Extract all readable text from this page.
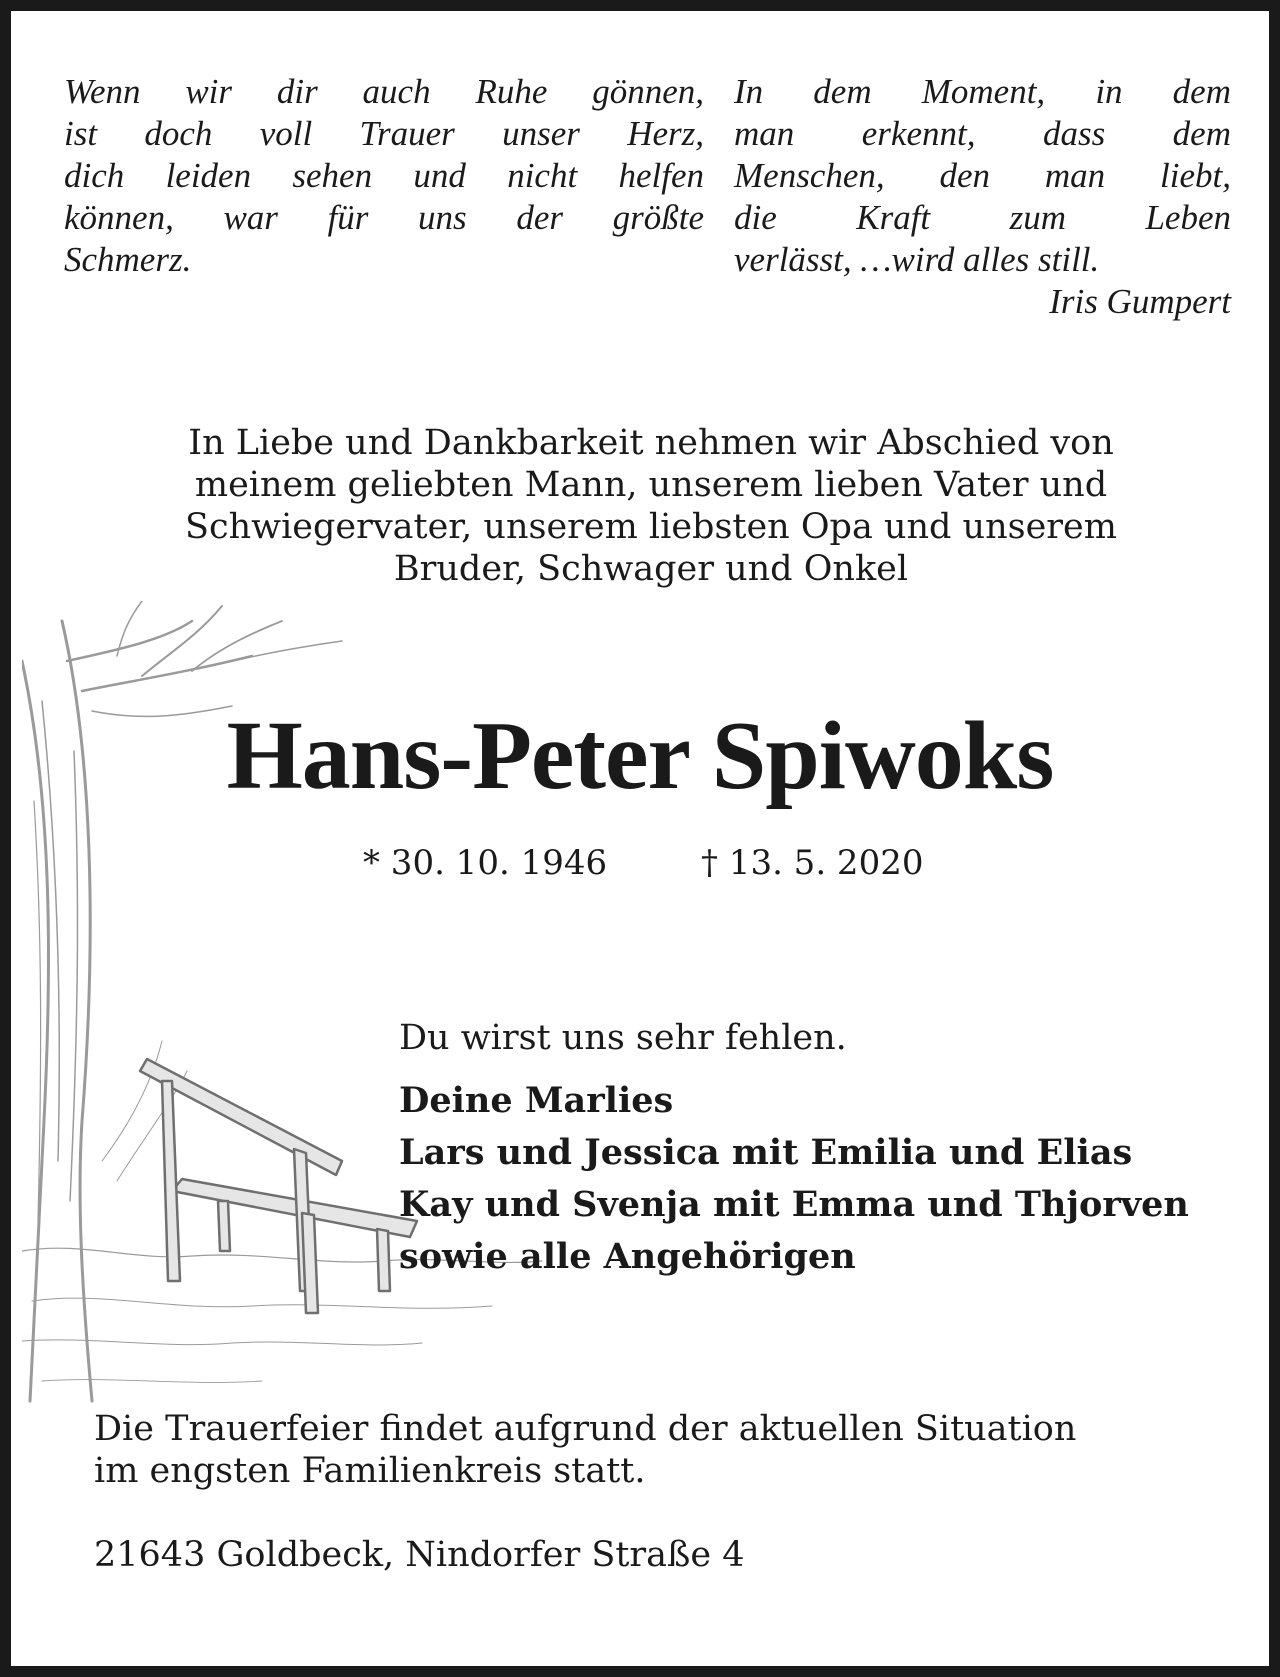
Wenn wir dir auch Ruhe gönnen,
ist doch voll Trauer unser Herz,
dich leiden sehen und nicht helfen
können, war für uns der größte
Schmerz.
In dem Moment, in dem
man erkennt, dass dem
Menschen, den man liebt,
die Kraft zum Leben
verlässt, …wird alles still.
Iris Gumpert
In Liebe und Dankbarkeit nehmen wir Abschied von
meinem geliebten Mann, unserem lieben Vater und
Schwiegervater, unserem liebsten Opa und unserem
Bruder, Schwager und Onkel
Hans-Peter Spiwoks
* 30. 10. 1946	† 13. 5. 2020
Du wirst uns sehr fehlen.
Deine Marlies
Lars und Jessica mit Emilia und Elias
Kay und Svenja mit Emma und Thjorven
sowie alle Angehörigen
Die Trauerfeier findet aufgrund der aktuellen Situation
im engsten Familienkreis statt.
21643 Goldbeck, Nindorfer Straße 4
